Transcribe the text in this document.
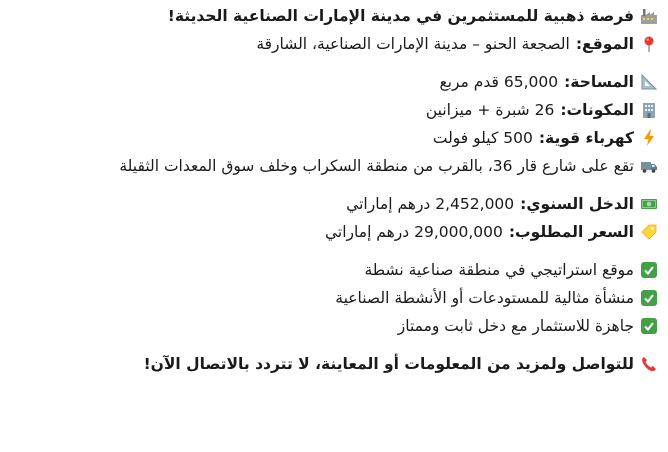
فرصة ذهبية للمستثمرين في مدينة الإمارات الصناعية الحديثة!
الموقع:
الصجعة الحنو – مدينة الإمارات الصناعية، الشارقة
المساحة:
65,000 قدم مربع
المكونات:
26 شبرة + ميزانين
كهرباء قوية:
500 كيلو فولت
تقع على شارع قار 36، بالقرب من منطقة السكراب وخلف سوق المعدات الثقيلة
الدخل السنوي:
2,452,000 درهم إماراتي
السعر المطلوب:
29,000,000 درهم إماراتي
موقع استراتيجي في منطقة صناعية نشطة
منشأة مثالية للمستودعات أو الأنشطة الصناعية
جاهزة للاستثمار مع دخل ثابت وممتاز
للتواصل ولمزيد من المعلومات أو المعاينة، لا تتردد بالاتصال الآن!
